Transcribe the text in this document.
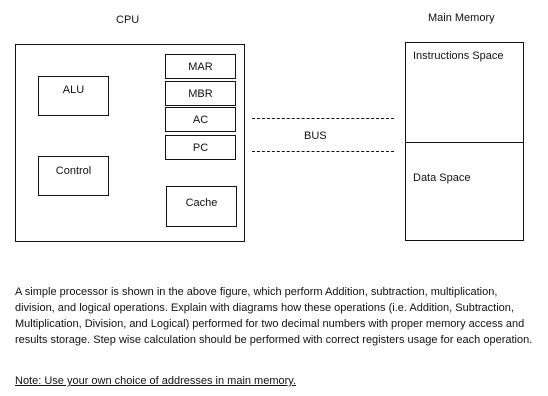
CPU	Main Memory
ALU
Control
MAR
MBR
AC
PC
Cache
BUS
Instructions Space
Data Space
A simple processor is shown in the above figure, which perform Addition, subtraction, multiplication, division, and logical operations. Explain with diagrams how these operations (i.e. Addition, Subtraction, Multiplication, Division, and Logical) performed for two decimal numbers with proper memory access and results storage. Step wise calculation should be performed with correct registers usage for each operation.
Note: Use your own choice of addresses in main memory.
